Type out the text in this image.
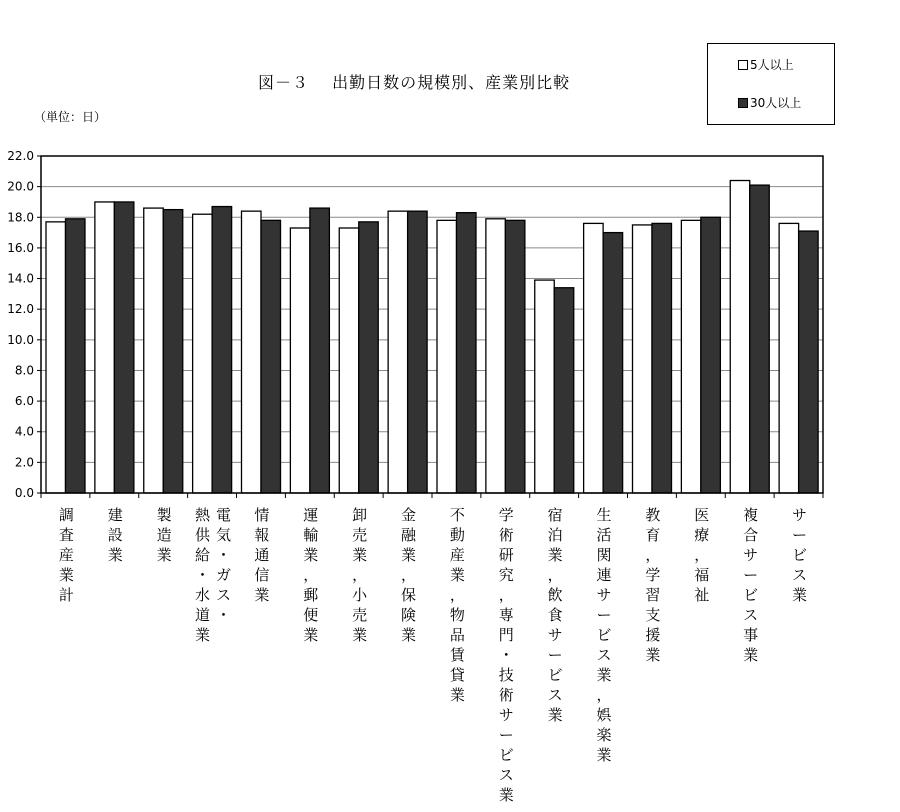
0.0
2.0
4.0
6.0
8.0
10.0
12.0
14.0
16.0
18.0
20.0
22.0
図－３　 出勤日数の規模別、産業別比較
（単位：日）
5人以上
30人以上
調
査
産
業
計
建
設
業
製
造
業
電
気
・
ガ
ス
・
熱
供
給
・
水
道
業
情
報
通
信
業
運
輸
業
，
郵
便
業
卸
売
業
，
小
売
業
金
融
業
，
保
険
業
不
動
産
業
，
物
品
賃
貸
業
学
術
研
究
，
専
門
・
技
術
サ
ー
ビ
ス
業
宿
泊
業
，
飲
食
サ
ー
ビ
ス
業
生
活
関
連
サ
ー
ビ
ス
業
，
娯
楽
業
教
育
，
学
習
支
援
業
医
療
，
福
祉
複
合
サ
ー
ビ
ス
事
業
サ
ー
ビ
ス
業
